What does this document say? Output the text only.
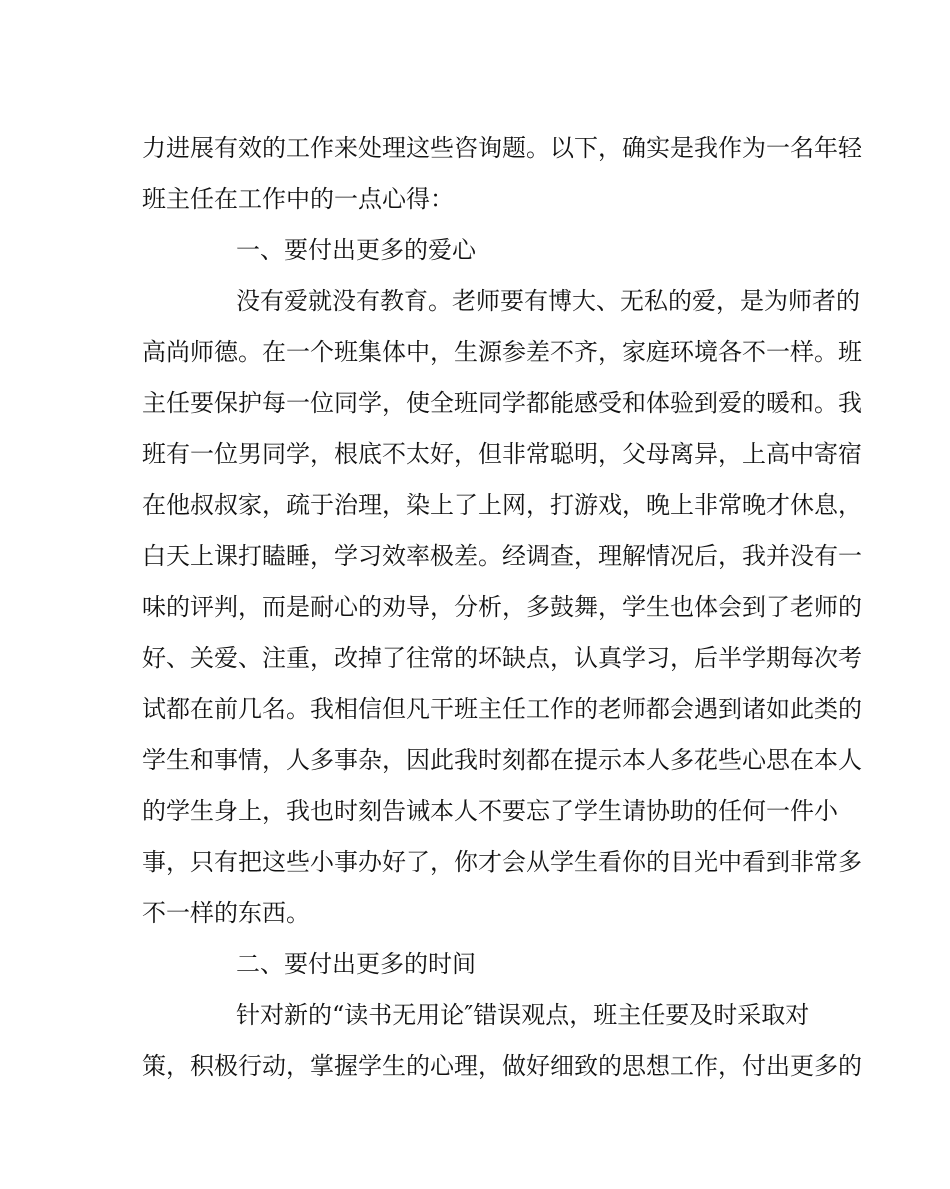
力进展有效的工作来处理这些咨询题。以下，确实是我作为一名年轻
班主任在工作中的一点心得：
一、要付出更多的爱心
没有爱就没有教育。老师要有博大、无私的爱，是为师者的
高尚师德。在一个班集体中，生源参差不齐，家庭环境各不一样。班
主任要保护每一位同学，使全班同学都能感受和体验到爱的暖和。我
班有一位男同学，根底不太好，但非常聪明，父母离异，上高中寄宿
在他叔叔家，疏于治理，染上了上网，打游戏，晚上非常晚才休息，
白天上课打瞌睡，学习效率极差。经调查，理解情况后，我并没有一
味的评判，而是耐心的劝导，分析，多鼓舞，学生也体会到了老师的
好、关爱、注重，改掉了往常的坏缺点，认真学习，后半学期每次考
试都在前几名。我相信但凡干班主任工作的老师都会遇到诸如此类的
学生和事情，人多事杂，因此我时刻都在提示本人多花些心思在本人
的学生身上，我也时刻告诫本人不要忘了学生请协助的任何一件小
事，只有把这些小事办好了，你才会从学生看你的目光中看到非常多
不一样的东西。
二、要付出更多的时间
针对新的“读书无用论″错误观点，班主任要及时采取对
策，积极行动，掌握学生的心理，做好细致的思想工作，付出更多的
